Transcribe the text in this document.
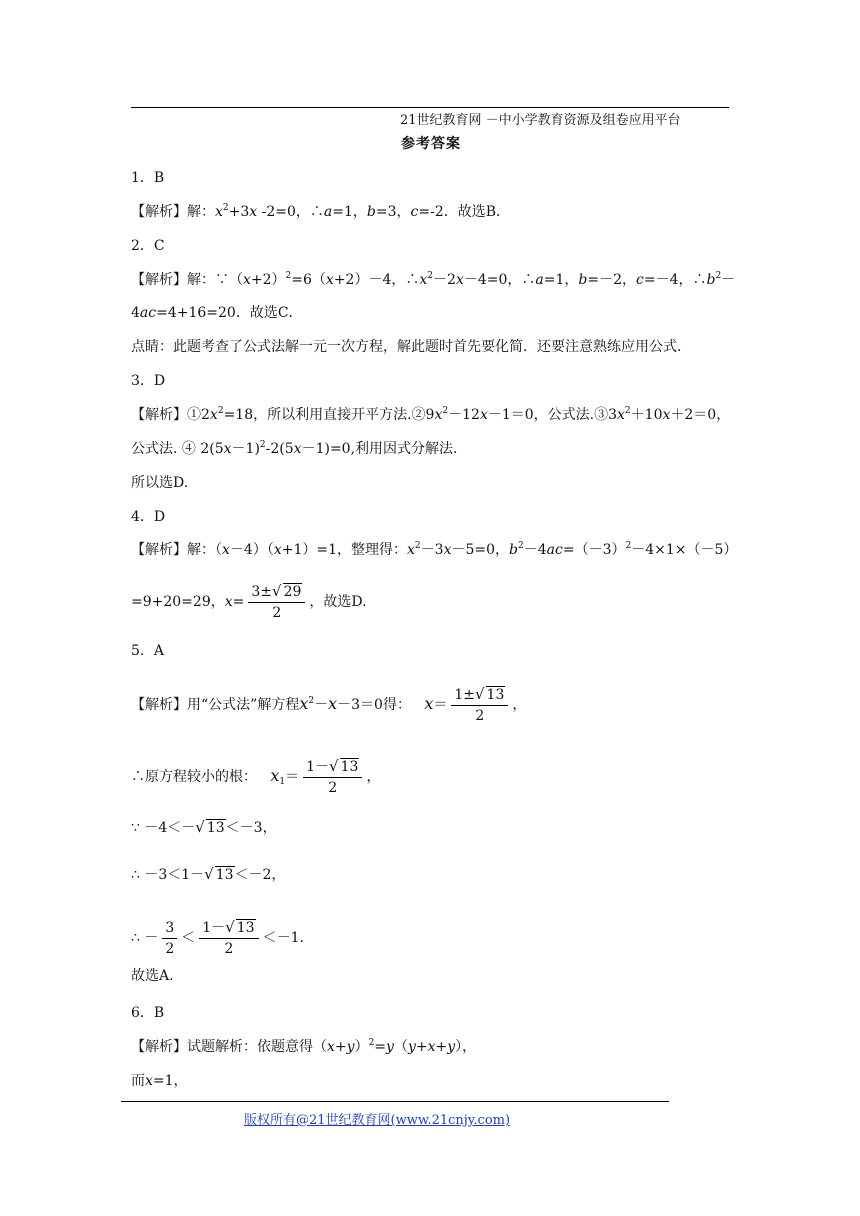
21世纪教育网 －中小学教育资源及组卷应用平台
参考答案
1．B
【解析】解：$x^2+3x$ -2=0，∴a=1，b=3，c=-2．故选B．
2．C
【解析】解：$\because(x+2)^2=6(x+2)-4$，$\therefore x^2-2x-4=0$，∴a=1，b=－2，c=－4，$\therefore b^2-$
4ac=4+16=20．故选C．
点睛：此题考查了公式法解一元一次方程，解此题时首先要化简．还要注意熟练应用公式．
3．D
【解析】$①2x^2=18$，所以利用直接开平方法$.②9x^2-12x-1=0$，公式法$.③3x^2+10x+2=0$，
公式法. ④ $2(5x-1)^2-2(5x-1)=0$,利用因式分解法.
所以选D.
4．D
【解析】解：（x－4）（x+1）=1，整理得：$x^2-3x-5=0$，$b^2-4ac=(-3)^2-4\times 1\times(-5)$
=9+20=29，$x= \frac{3\pm√ 29}{2}$ ，故选D.
5．A
【解析】用“公式法”解方程$x^2-x-3=0$得： $x= \frac{1\pm√ 13}{2}$ ，
∴原方程较小的根： $x_1= \frac{1-√ 13}{2}$ ，
∵ －4＜－√ 13＜－3，
∴ －3＜1－√ 13＜－2，
∴ － $\frac{3}{2} < \frac{1-√ 13}{2} <-1$.
故选A.
6．B
【解析】试题解析：依题意得$(x+y)^2=y(y+x+y)$，
而x=1，
版权所有@21世纪教育网(www.21cnjy.com)
